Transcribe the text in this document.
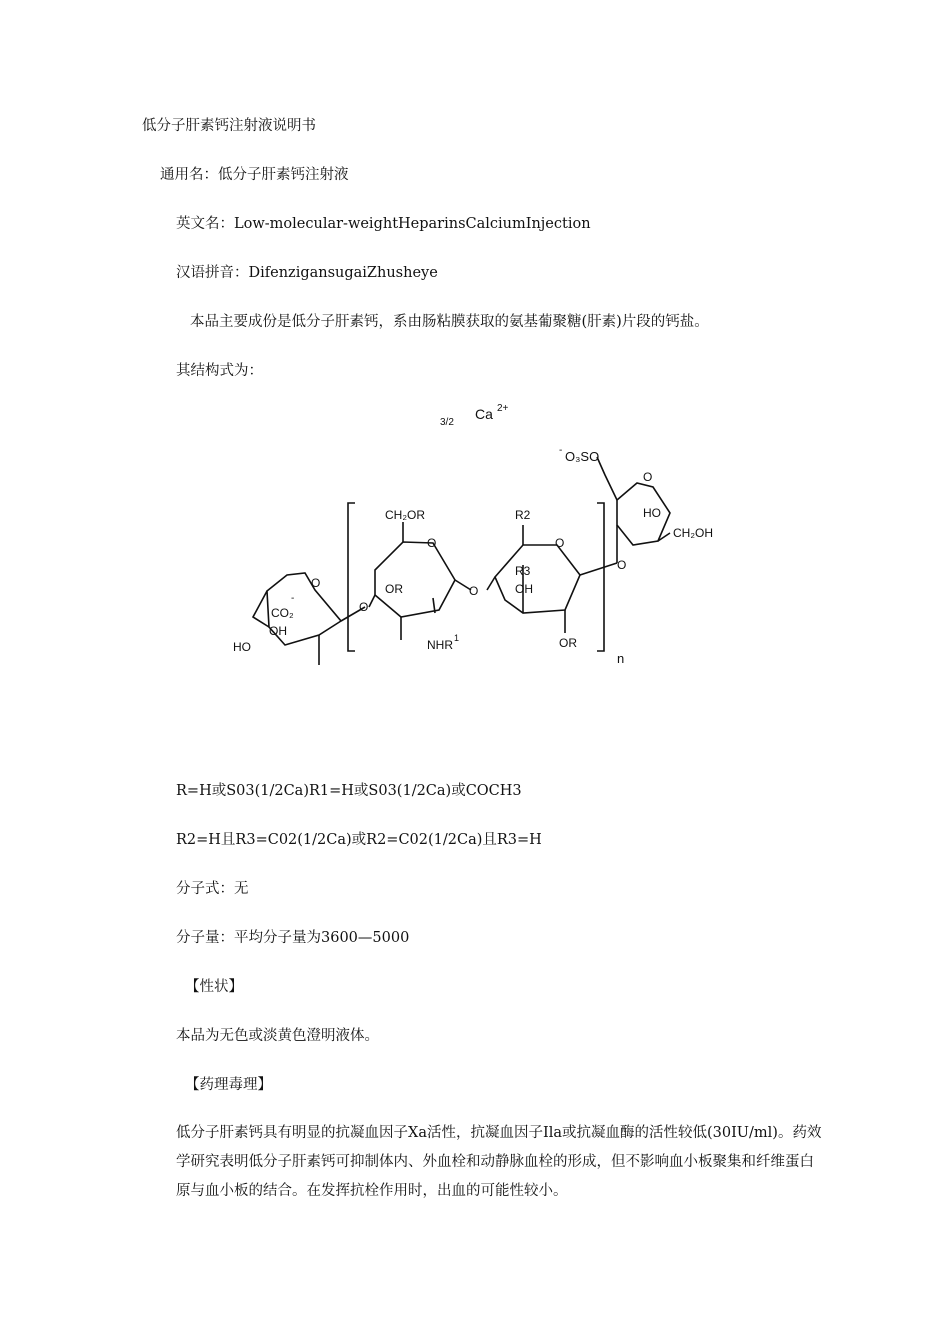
低分子肝素钙注射液说明书
通用名：低分子肝素钙注射液
英文名：Low-molecular-weightHeparinsCalciumInjection
汉语拼音：DifenzigansugaiZhusheye
本品主要成份是低分子肝素钙，系由肠粘膜获取的氨基葡聚糖(肝素)片段的钙盐。
其结构式为：
3/2
Ca 2+
- O₃SO
HO
CH₂OH
O
CH₂OR
O
OR
NHR 1
O
R2
O
R3
OH
OR
O
O
CO₂
-
OH
HO
O
n
R=H或S03(1/2Ca)R1=H或S03(1/2Ca)或COCH3
R2=H且R3=C02(1/2Ca)或R2=C02(1/2Ca)且R3=H
分子式：无
分子量：平均分子量为3600—5000
【性状】
本品为无色或淡黄色澄明液体。
【药理毒理】
低分子肝素钙具有明显的抗凝血因子Xa活性，抗凝血因子Ila或抗凝血酶的活性较低(30IU/ml)。药效学研究表明低分子肝素钙可抑制体内、外血栓和动静脉血栓的形成，但不影响血小板聚集和纤维蛋白原与血小板的结合。在发挥抗栓作用时，出血的可能性较小。
